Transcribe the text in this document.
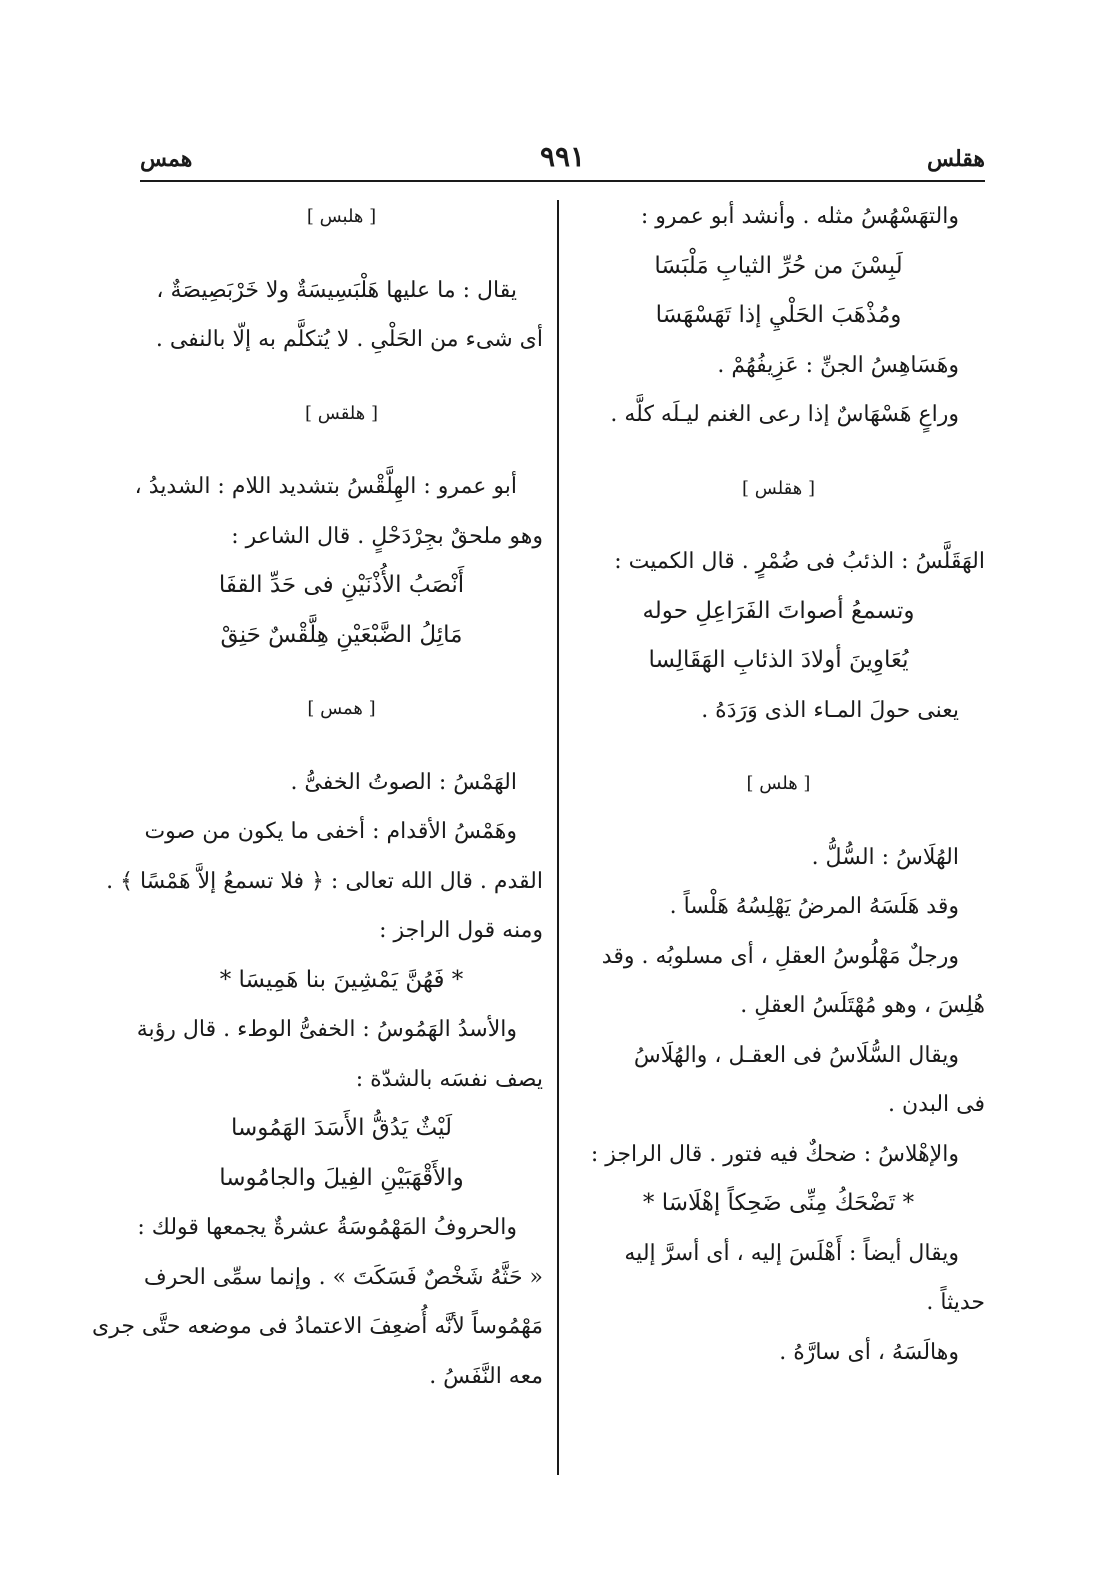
هقلس
٩٩١
همس
والتهَسْهُسُ مثله . وأنشد أبو عمرو :
لَبِسْنَ من حُرِّ الثيابِ مَلْبَسَا
ومُذْهَبَ الحَلْيِ إذا تَهَسْهَسَا
وهَسَاهِسُ الجنِّ : عَزِيفُهُمْ .
وراعٍ هَسْهَاسٌ إذا رعى الغنم ليـلَه كلَّه .
[ هقلس ]
الهَقَلَّسُ : الذئبُ فى ضُمْرٍ . قال الكميت :
وتسمعُ أصواتَ الفَرَاعِلِ حوله
يُعَاوِينَ أولادَ الذئابِ الهَقَالِسا
يعنى حولَ المـاء الذى وَرَدَهُ .
[ هلس ]
الهُلَاسُ : السُّلُّ .
وقد هَلَسَهُ المرضُ يَهْلِسُهُ هَلْساً .
ورجلٌ مَهْلُوسُ العقلِ ، أى مسلوبُه . وقد
هُلِسَ ، وهو مُهْتَلَسُ العقلِ .
ويقال السُّلَاسُ فى العقـل ، والهُلَاسُ
فى البدن .
والإهْلاسُ : ضحكٌ فيه فتور . قال الراجز :
* تَضْحَكُ مِنِّى ضَحِكاً إهْلَاسَا *
ويقال أيضاً : أَهْلَسَ إليه ، أى أسرَّ إليه
حديثاً .
وهالَسَهُ ، أى سارَّهُ .
[ هلبس ]
يقال : ما عليها هَلْبَسِيسَةٌ ولا خَرْبَصِيصَةٌ ،
أى شىء من الحَلْىِ . لا يُتكلَّم به إلّا بالنفى .
[ هلقس ]
أبو عمرو : الهِلَّقْسُ بتشديد اللام : الشديدُ ،
وهو ملحقٌ بجِرْدَحْلٍ . قال الشاعر :
أَنْصَبُ الأُذْنَيْنِ فى حَدِّ القفَا
مَائِلُ الضَّبْعَيْنِ هِلَّقْسٌ حَنِقْ
[ همس ]
الهَمْسُ : الصوتُ الخفىُّ .
وهَمْسُ الأقدام : أخفى ما يكون من صوت
القدم . قال الله تعالى : ﴿ فلا تسمعُ إلاَّ هَمْسًا ﴾ .
ومنه قول الراجز :
* فَهُنَّ يَمْشِينَ بنا هَمِيسَا *
والأسدُ الهَمُوسُ : الخفىُّ الوطء . قال رؤبة
يصف نفسَه بالشدّة :
لَيْثٌ يَدُقُّ الأَسَدَ الهَمُوسا
والأَقْهَبَيْنِ الفِيلَ والجامُوسا
والحروفُ المَهْمُوسَةُ عشرةٌ يجمعها قولك :
« حَثَّهُ شَخْصٌ فَسَكَتَ » . وإنما سمِّى الحرف
مَهْمُوساً لأنَّه أُضعِفَ الاعتمادُ فى موضعه حتَّى جرى
معه النَّفَسُ .
